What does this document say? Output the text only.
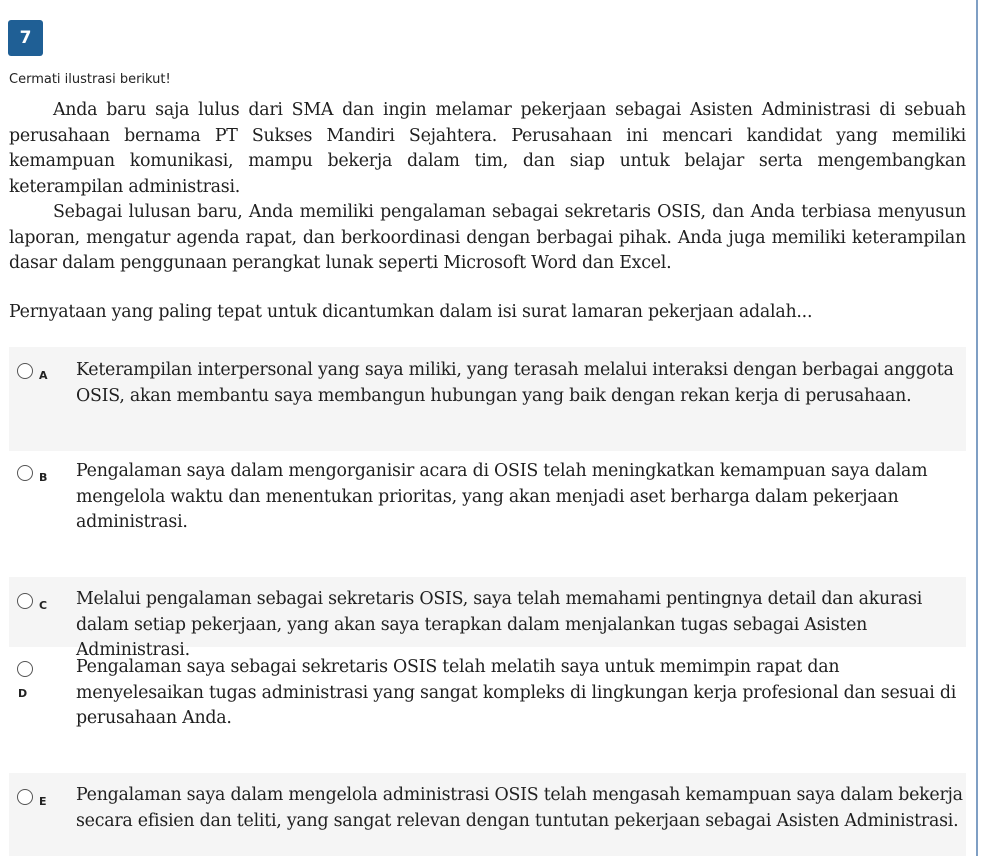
7
Cermati ilustrasi berikut!

Anda baru saja lulus dari SMA dan ingin melamar pekerjaan sebagai Asisten Administrasi di sebuah perusahaan bernama PT Sukses Mandiri Sejahtera. Perusahaan ini mencari kandidat yang memiliki kemampuan komunikasi, mampu bekerja dalam tim, dan siap untuk belajar serta mengembangkan keterampilan administrasi.

Sebagai lulusan baru, Anda memiliki pengalaman sebagai sekretaris OSIS, dan Anda terbiasa menyusun laporan, mengatur agenda rapat, dan berkoordinasi dengan berbagai pihak. Anda juga memiliki keterampilan dasar dalam penggunaan perangkat lunak seperti Microsoft Word dan Excel.

Pernyataan yang paling tepat untuk dicantumkan dalam isi surat lamaran pekerjaan adalah...
A Keterampilan interpersonal yang saya miliki, yang terasah melalui interaksi dengan berbagai anggota OSIS, akan membantu saya membangun hubungan yang baik dengan rekan kerja di perusahaan.
B Pengalaman saya dalam mengorganisir acara di OSIS telah meningkatkan kemampuan saya dalam mengelola waktu dan menentukan prioritas, yang akan menjadi aset berharga dalam pekerjaan administrasi.
C Melalui pengalaman sebagai sekretaris OSIS, saya telah memahami pentingnya detail dan akurasi dalam setiap pekerjaan, yang akan saya terapkan dalam menjalankan tugas sebagai Asisten Administrasi.
D
Pengalaman saya sebagai sekretaris OSIS telah melatih saya untuk memimpin rapat dan menyelesaikan tugas administrasi yang sangat kompleks di lingkungan kerja profesional dan sesuai di perusahaan Anda.
E Pengalaman saya dalam mengelola administrasi OSIS telah mengasah kemampuan saya dalam bekerja secara efisien dan teliti, yang sangat relevan dengan tuntutan pekerjaan sebagai Asisten Administrasi.
